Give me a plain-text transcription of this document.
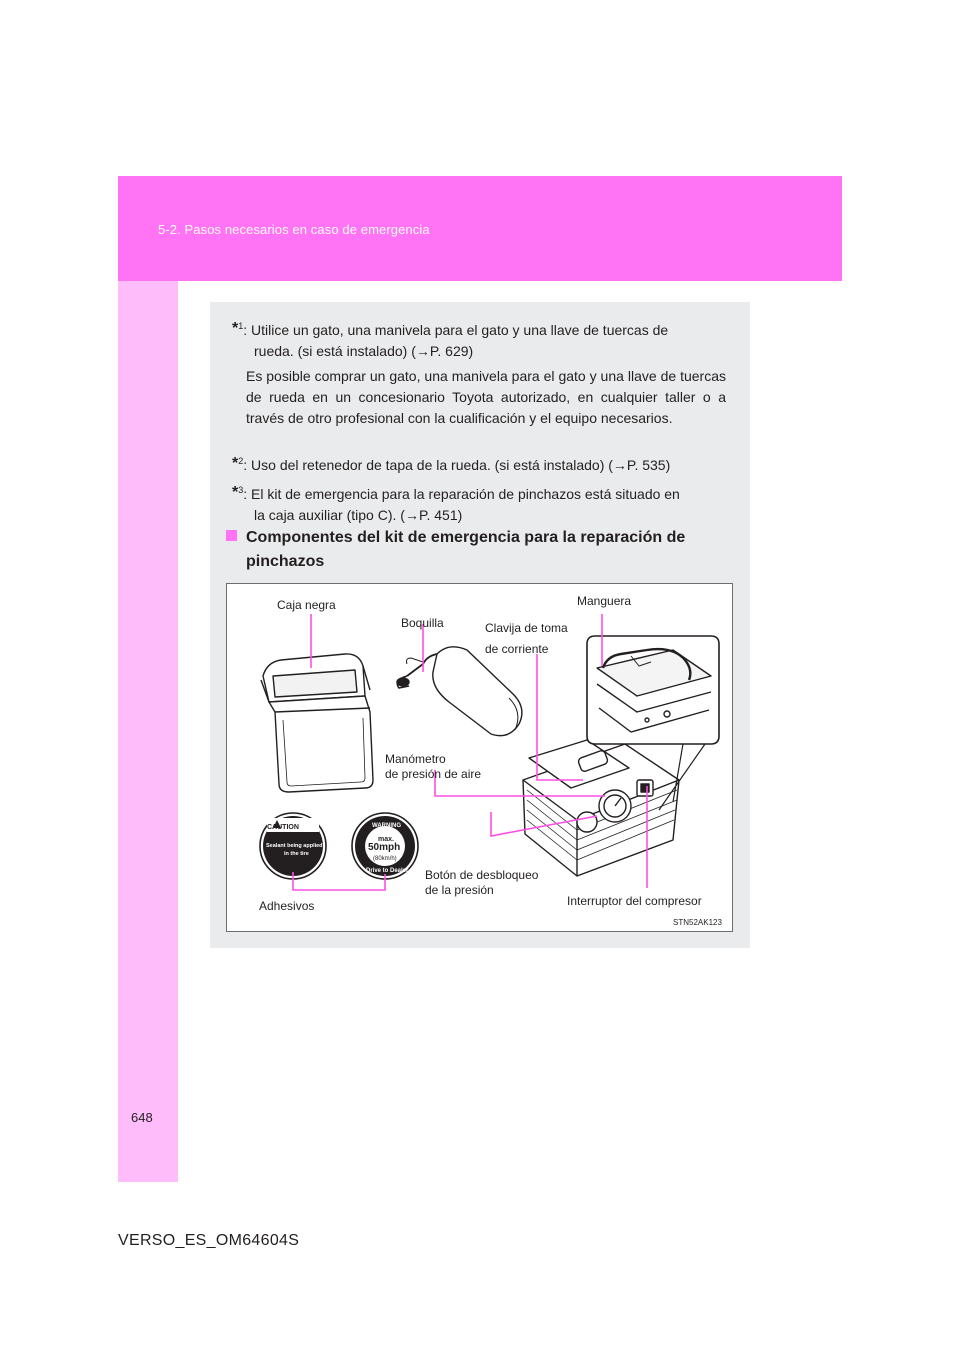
5-2. Pasos necesarios en caso de emergencia
*$^1$: Utilice un gato, una manivela para el gato y una llave de tuercas de
rueda. (si está instalado) (→P. 629)
Es posible comprar un gato, una manivela para el gato y una llave de tuercas de rueda en un concesionario Toyota autorizado, en cualquier taller o a través de otro profesional con la cualificación y el equipo necesarios.
*$^2$: Uso del retenedor de tapa de la rueda. (si está instalado) (→P. 535)
*$^3$: El kit de emergencia para la reparación de pinchazos está situado en
la caja auxiliar (tipo C). (→P. 451)
Componentes del kit de emergencia para la reparación de
pinchazos
CAUTION
Sealant being applied
in the tire
WARNING
max.
50mph
(80km/h)
Drive to Dealer
Caja negra
Boquilla	Clavija de toma
de corriente
Manguera
Manómetro
de presión de aire
Botón de desbloqueo
de la presión
Interruptor del compresor
Adhesivos
STN52AK123
648
VERSO_ES_OM64604S
